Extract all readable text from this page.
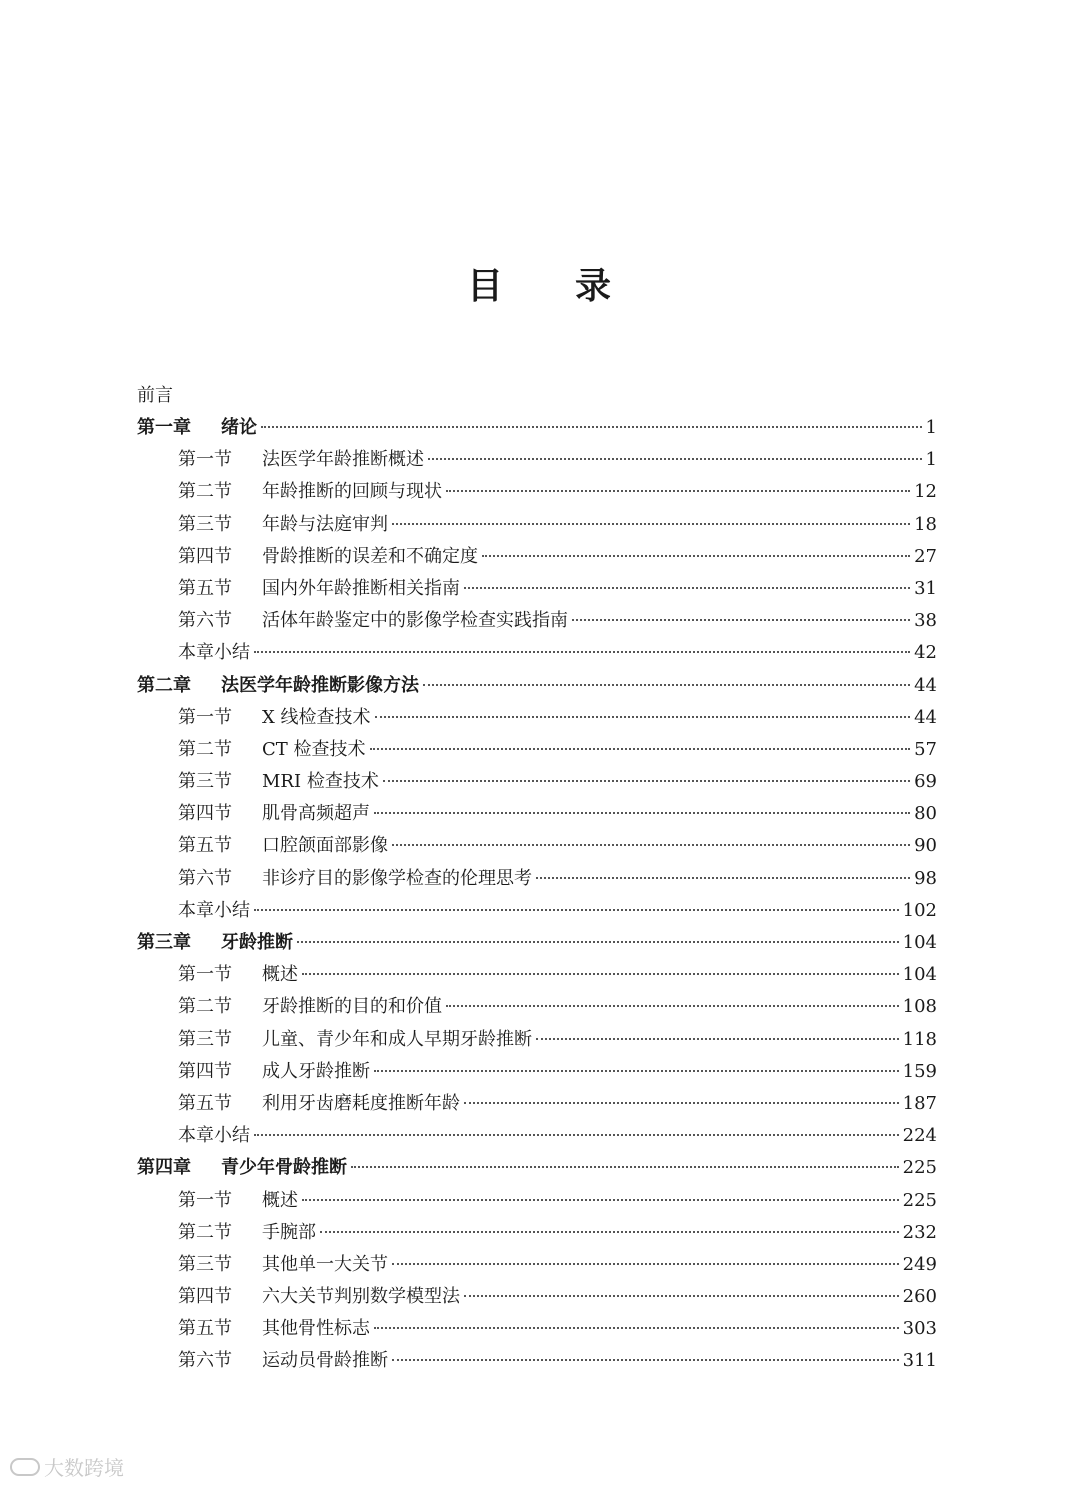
目 录
前言
第一章	绪论	1
第一节	法医学年龄推断概述	1
第二节	年龄推断的回顾与现状	12
第三节	年龄与法庭审判	18
第四节	骨龄推断的误差和不确定度	27
第五节	国内外年龄推断相关指南	31
第六节	活体年龄鉴定中的影像学检查实践指南	38
本章小结	42
第二章	法医学年龄推断影像方法	44
第一节	X 线检查技术	44
第二节	CT 检查技术	57
第三节	MRI 检查技术	69
第四节	肌骨高频超声	80
第五节	口腔颌面部影像	90
第六节	非诊疗目的影像学检查的伦理思考	98
本章小结	102
第三章	牙龄推断	104
第一节	概述	104
第二节	牙龄推断的目的和价值	108
第三节	儿童、青少年和成人早期牙龄推断	118
第四节	成人牙龄推断	159
第五节	利用牙齿磨耗度推断年龄	187
本章小结	224
第四章	青少年骨龄推断	225
第一节	概述	225
第二节	手腕部	232
第三节	其他单一大关节	249
第四节	六大关节判别数学模型法	260
第五节	其他骨性标志	303
第六节	运动员骨龄推断	311
大数跨境
